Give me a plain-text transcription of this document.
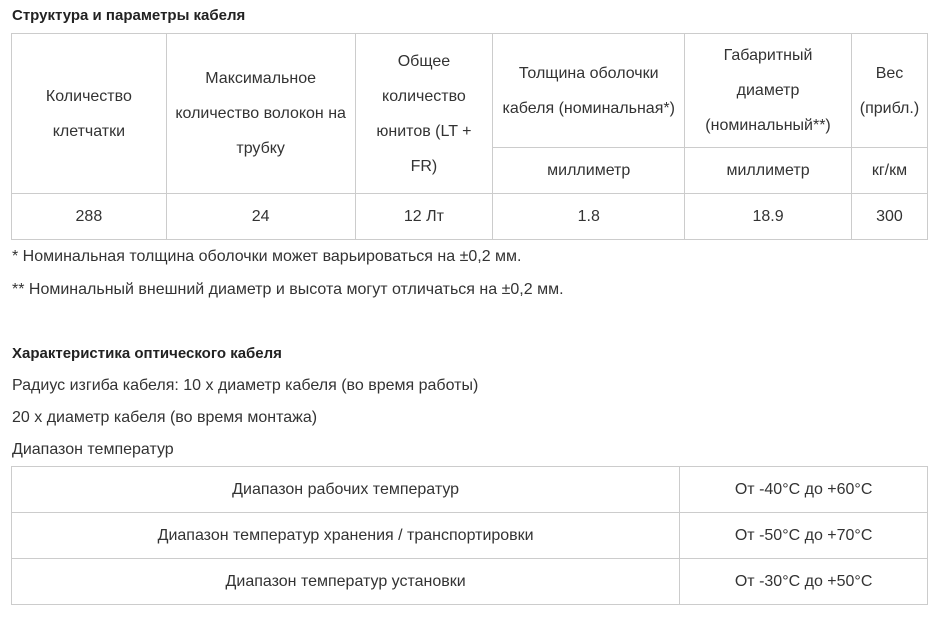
Структура и параметры кабеля
Количество клетчатки	Максимальное количество волокон на трубку	Общее количество юнитов (LT + FR)	Толщина оболочки кабеля (номинальная*)	Габаритный диаметр (номинальный**)	Вес (прибл.)
			миллиметр	миллиметр	кг/км
288	24	12 Лт	1.8	18.9	300
* Номинальная толщина оболочки может варьироваться на ±0,2 мм.
** Номинальный внешний диаметр и высота могут отличаться на ±0,2 мм.
Характеристика оптического кабеля
Радиус изгиба кабеля: 10 х диаметр кабеля (во время работы)
20 х диаметр кабеля (во время монтажа)
Диапазон температур
Диапазон рабочих температур	От -40°C до +60°C
Диапазон температур хранения / транспортировки	От -50°C до +70°C
Диапазон температур установки	От -30°C до +50°C
